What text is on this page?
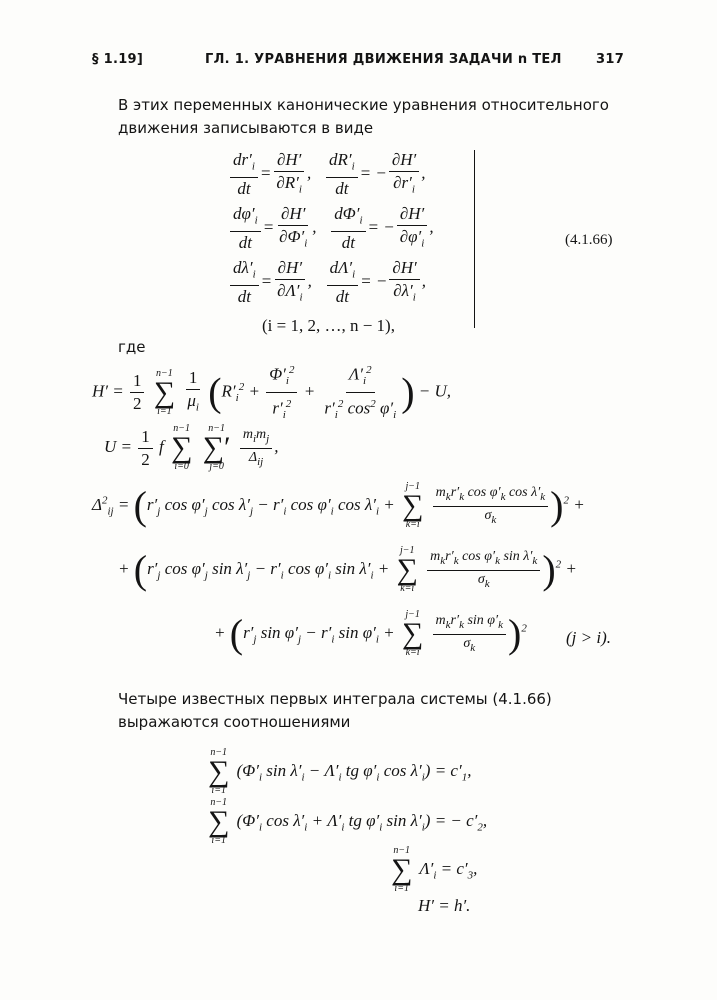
§ 1.19]	ГЛ. 1. УРАВНЕНИЯ ДВИЖЕНИЯ ЗАДАЧИ n ТЕЛ	317
В этих переменных канонические уравнения относительного движения записываются в виде
$\frac{dr'_i}{dt} = \frac{\partial H'}{\partial R'_i}$ , $\frac{dR'_i}{dt}$ = − $\frac{\partial H'}{\partial r'_i}$ ,
$\frac{d\varphi'_i}{dt} = \frac{\partial H'}{\partial\Phi'_i}$ , $\frac{d\Phi'_i}{dt}$ = − $\frac{\partial H'}{\partial\varphi'_i}$ ,
$\frac{d\lambda'_i}{dt} = \frac{\partial H'}{\partial\Lambda'_i}$ , $\frac{d\Lambda'_i}{dt}$ = − $\frac{\partial H'}{\partial\lambda'_i}$ ,
(i = 1, 2, …, n − 1),
(4.1.66)
где
$H' = \frac{1}{2}$
n−1
∑
i=1
$\frac{1}{\mu_i} (R'_i^2 + \frac{\Phi'_i^2}{r'_i^2} + \frac{\Lambda'_i^2}{r'_i^2 \cos^2 \varphi'_i}$ ) − U,
$U = \frac{1}{2}$ f
n−1
∑
i=0

n−1
∑′
j=0
$\frac{m_im_j}{\Delta_{ij}}$ ,
$\Delta^2_{ij} = (r'_j$ $\cos \varphi'_j$ $\cos \lambda'_j - r'_i$ $\cos \varphi'_i$ $\cos \lambda'_i$ +
j−1
∑
k=i
$\frac{m_kr'_k \cos \varphi'_k \cos \lambda'_k}{\sigma_k} )^2$ +
+ ($r'_j$ $\cos \varphi'_j$ $\sin \lambda'_j - r'_i$ $\cos \varphi'_i$ $\sin \lambda'_i$ +
j−1
∑
k=i
$\frac{m_kr'_k \cos \varphi'_k \sin \lambda'_k}{\sigma_k} )^2$ +
+ ($r'_j$ $\sin \varphi'_j - r'_i$ $\sin \varphi'_i$ +
j−1
∑
k=i
$\frac{m_kr'_k \sin \varphi'_k}{\sigma_k} )^2$ (j > i).
Четыре известных первых интеграла системы (4.1.66) выражаются соотношениями
n−1
∑
i=1
($\Phi'_i$ $\sin \lambda'_i - \Lambda'_i$ tg $\varphi'_i$ $\cos \lambda'_i) = c'_1$,
n−1
∑
i=1
($\Phi'_i$ $\cos \lambda'_i + \Lambda'_i$ tg $\varphi'_i$ $\sin \lambda'_i$) = − $c'_2$,
n−1
∑
i=1
$\Lambda'_i = c'_3$,
H′ = h′.
